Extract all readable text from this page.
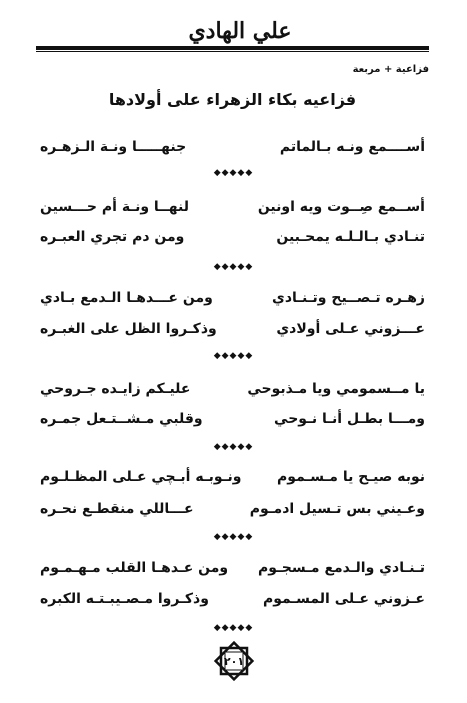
علي الهادي
فزاعية + مربعة
فزاعيه بكاء الزهراء على أولادها
أســــمع ونـه بـالماتم
جنهـــــا ونـة الـزهـره
◆◆◆◆◆
أســمع صِــوت ويه اونين
لنهــا ونـة أم حـــسين
تنـادي بـالـلـه يمحـبين
ومن دم تجري العبـره
◆◆◆◆◆
زهـره تـصــيح وتـنـادي
ومن عـــدهـا الـدمع بـادي
عـــزوني عـلى أولادي
وذكـروا الظل على الغبـره
◆◆◆◆◆
يا مــسمومي ويا مـذبوحي
عليـكم زايـده جـروحي
ومـــا بطـل أنـا نـوحي
وقلبي مـشــتـعل جمـره
◆◆◆◆◆
نوبه صيـح يا مـسـموم
ونـوبـه أبـچي عـلى المظـلـوم
وعـيني بس تـسيل ادمـوم
عـــاللي منقطـع نحـره
◆◆◆◆◆
تـنـادي والـدمع مـسجـوم
ومن عـدهـا القلب مـهـمـوم
عـزوني عـلى المسـموم
وذكـروا مـصـيبـتـه الكبره
◆◆◆◆◆
٢٠١
